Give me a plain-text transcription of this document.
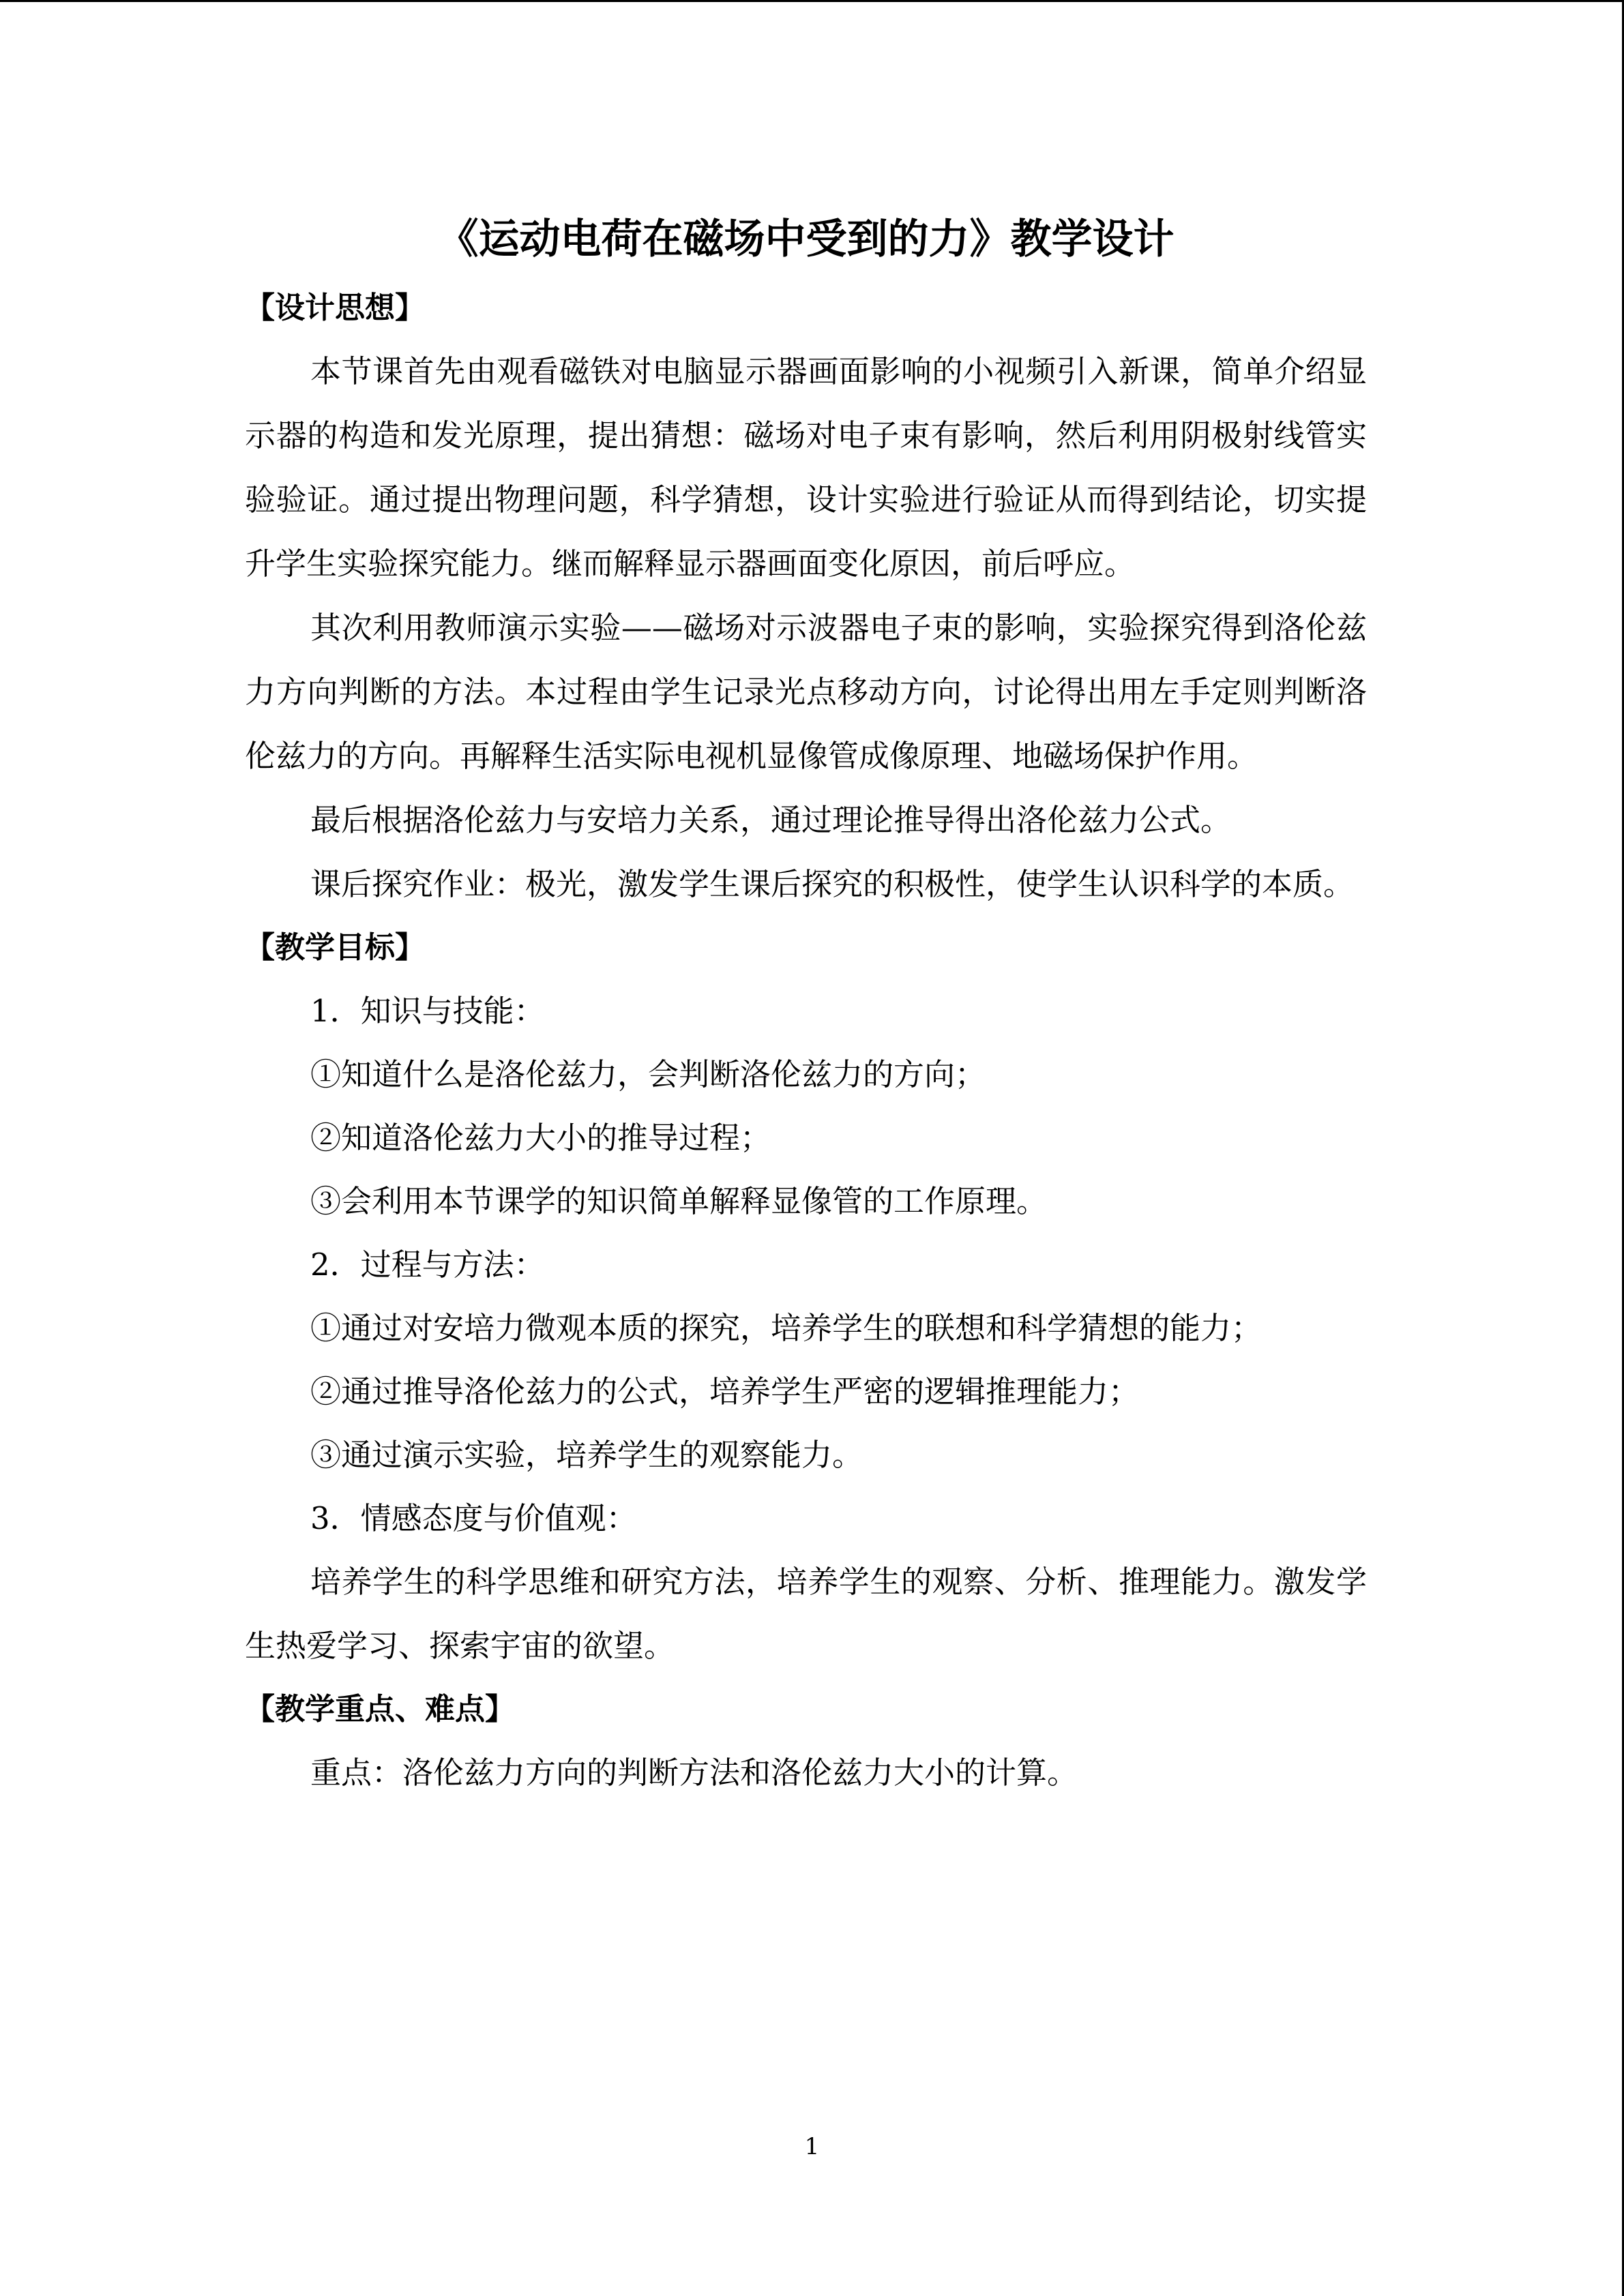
《运动电荷在磁场中受到的力》教学设计

【设计思想】

本节课首先由观看磁铁对电脑显示器画面影响的小视频引入新课，简单介绍显示器的构造和发光原理，提出猜想：磁场对电子束有影响，然后利用阴极射线管实验验证。通过提出物理问题，科学猜想，设计实验进行验证从而得到结论，切实提升学生实验探究能力。继而解释显示器画面变化原因，前后呼应。

其次利用教师演示实验——磁场对示波器电子束的影响，实验探究得到洛伦兹力方向判断的方法。本过程由学生记录光点移动方向，讨论得出用左手定则判断洛伦兹力的方向。再解释生活实际电视机显像管成像原理、地磁场保护作用。

最后根据洛伦兹力与安培力关系，通过理论推导得出洛伦兹力公式。

课后探究作业：极光，激发学生课后探究的积极性，使学生认识科学的本质。

【教学目标】

1．知识与技能：

①知道什么是洛伦兹力，会判断洛伦兹力的方向；

②知道洛伦兹力大小的推导过程；

③会利用本节课学的知识简单解释显像管的工作原理。

2．过程与方法：

①通过对安培力微观本质的探究，培养学生的联想和科学猜想的能力；

②通过推导洛伦兹力的公式，培养学生严密的逻辑推理能力；

③通过演示实验，培养学生的观察能力。

3．情感态度与价值观：

培养学生的科学思维和研究方法，培养学生的观察、分析、推理能力。激发学生热爱学习、探索宇宙的欲望。

【教学重点、难点】

重点：洛伦兹力方向的判断方法和洛伦兹力大小的计算。

1
